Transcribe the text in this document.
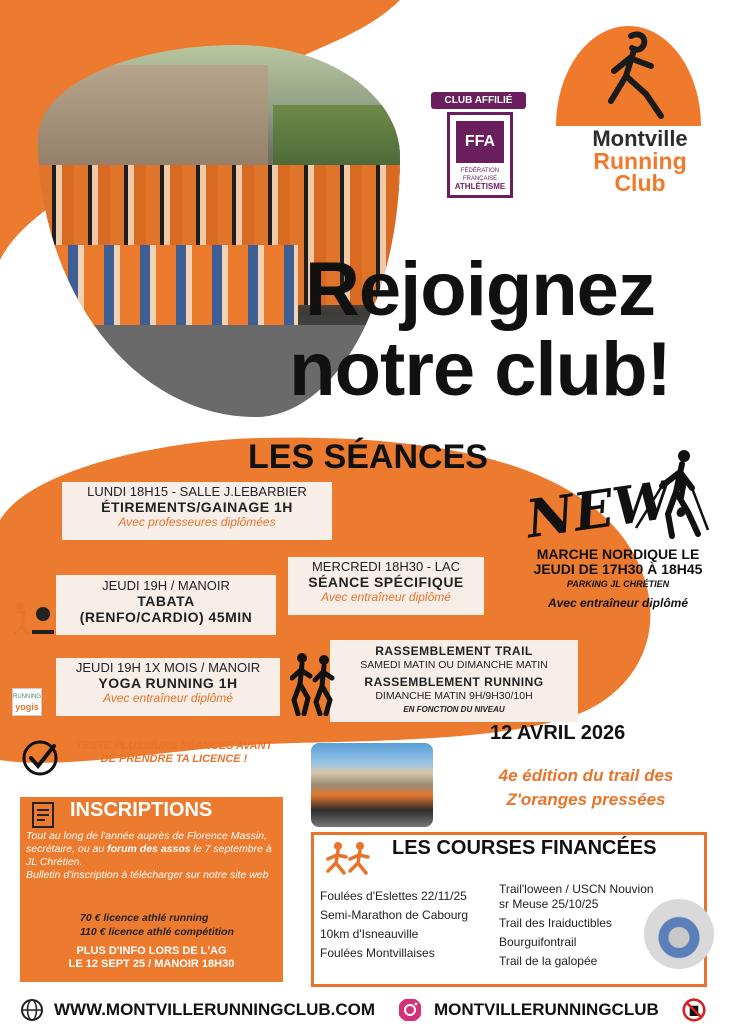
Montville
Running
Club
CLUB AFFILIÉ
FFA
FÉDÉRATION FRANÇAISE
ATHLÉTISME
Rejoignez
notre club!
LES SÉANCES
LUNDI 18H15 - SALLE J.LEBARBIER
ÉTIREMENTS/GAINAGE 1H
Avec professeures diplômées
MERCREDI 18H30 - LAC
SÉANCE SPÉCIFIQUE
Avec entraîneur diplômé
JEUDI 19H / MANOIR
TABATA
(RENFO/CARDIO) 45MIN
JEUDI 19H 1X MOIS / MANOIR
YOGA RUNNING 1H
Avec entraîneur diplômé
RUNNING
yogis
RASSEMBLEMENT TRAIL
SAMEDI MATIN OU DIMANCHE MATIN
RASSEMBLEMENT RUNNING
DIMANCHE MATIN 9H/9H30/10H
EN FONCTION DU NIVEAU
NEW!
MARCHE NORDIQUE LE
JEUDI DE 17H30 À 18H45
PARKING JL CHRÉTIEN
Avec entraîneur diplômé
TESTE PLUSIEURS SÉANCES AVANT
DE PRENDRE TA LICENCE !
INSCRIPTIONS
Tout au long de l'année auprès de Florence Massin, secrétaire, ou au forum des assos le 7 septembre à JL Chrétien.
Bulletin d'inscription à télécharger sur notre site web
70 € licence athlé running
110 € licence athlé compétition
PLUS D'INFO LORS DE L'AG
LE 12 SEPT 25 / MANOIR 18H30
12 AVRIL 2026
4e édition du trail des
Z'oranges pressées
LES COURSES FINANCÉES
Foulées d'Eslettes 22/11/25
Semi-Marathon de Cabourg
10km d'Isneauville
Foulées Montvillaises
Trail'loween / USCN Nouvion
sr Meuse 25/10/25
Trail des Iraiductibles
Bourguifontrail
Trail de la galopée
WWW.MONTVILLERUNNINGCLUB.COM	MONTVILLERUNNINGCLUB
